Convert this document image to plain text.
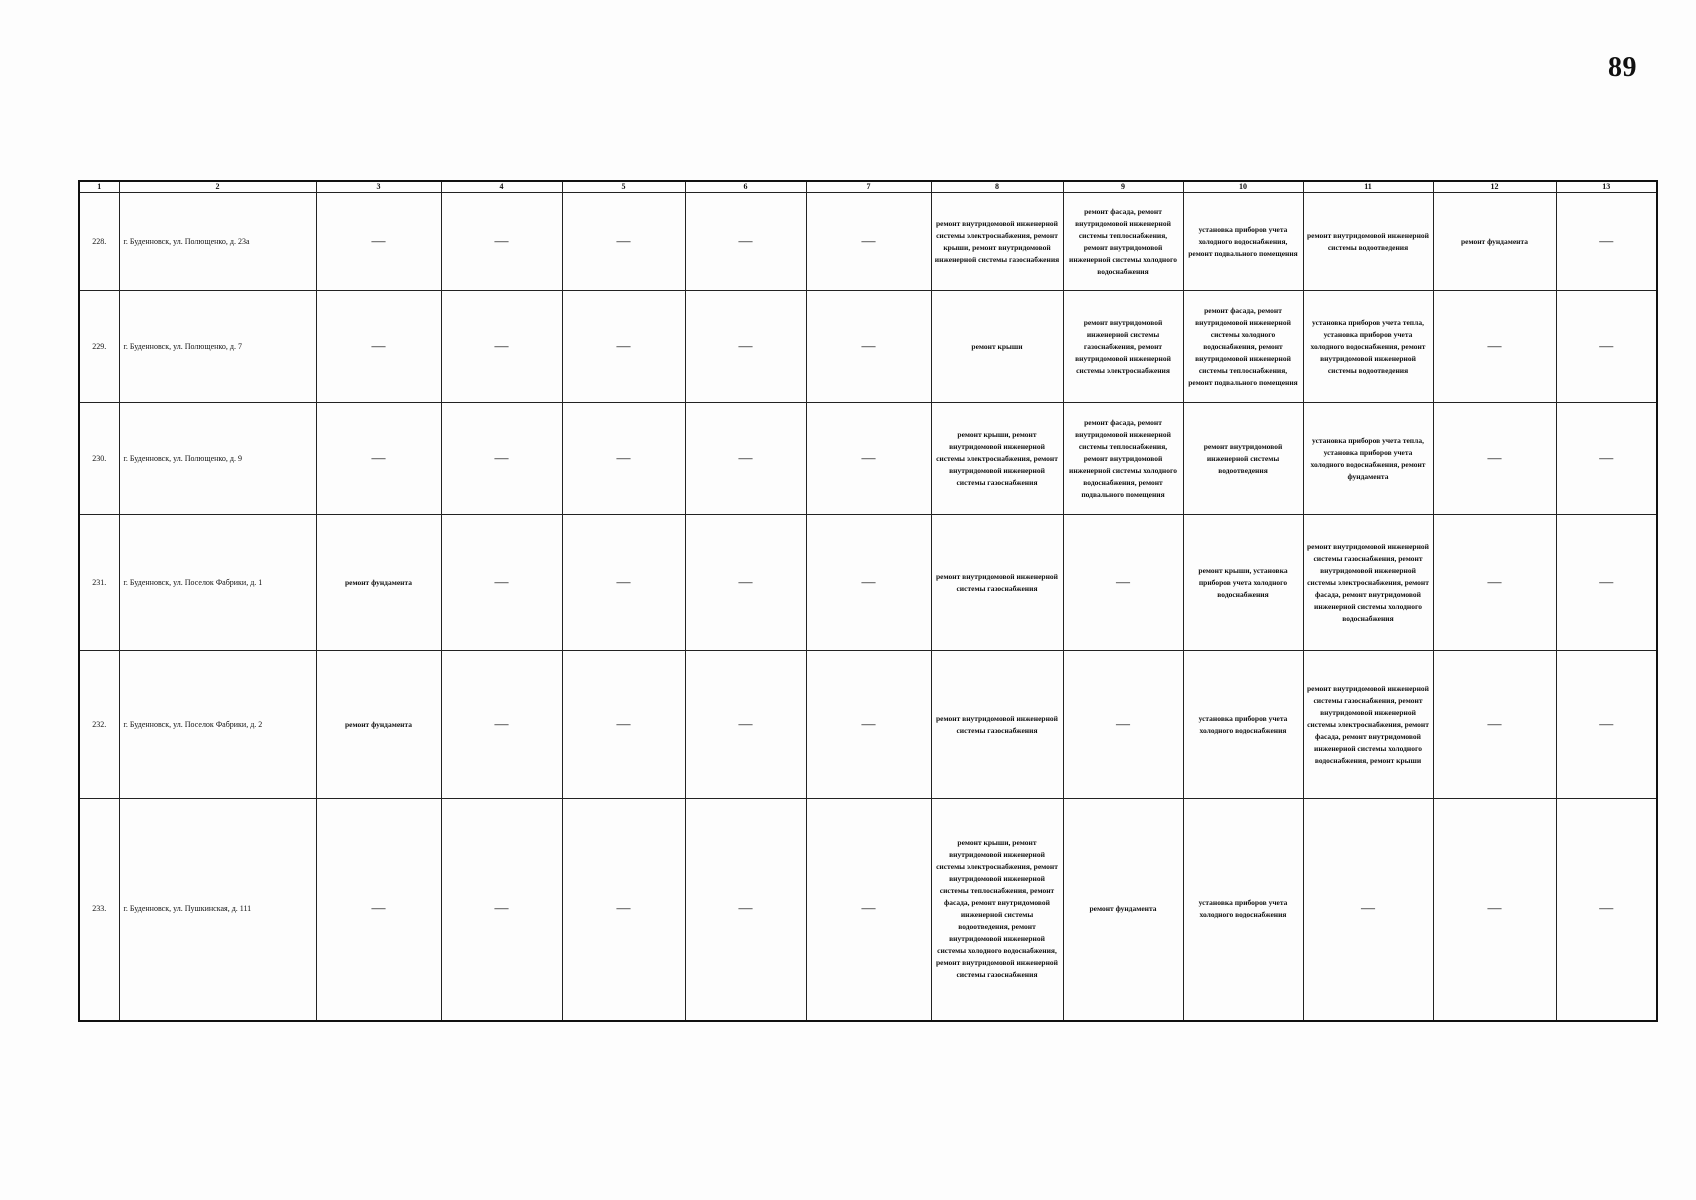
89
1	2	3	4	5	6	7	8	9	10	11	12	13
228.	г. Буденновск, ул. Полющенко, д. 23а	—	—	—	—	—	ремонт внутридомовой инженерной системы электроснабжения, ремонт крыши, ремонт внутридомовой инженерной системы газоснабжения	ремонт фасада, ремонт внутридомовой инженерной системы теплоснабжения, ремонт внутридомовой инженерной системы холодного водоснабжения	установка приборов учета холодного водоснабжения, ремонт подвального помещения	ремонт внутридомовой инженерной системы водоотведения	ремонт фундамента	—
229.	г. Буденновск, ул. Полющенко, д. 7	—	—	—	—	—	ремонт крыши	ремонт внутридомовой инженерной системы газоснабжения, ремонт внутридомовой инженерной системы электроснабжения	ремонт фасада, ремонт внутридомовой инженерной системы холодного водоснабжения, ремонт внутридомовой инженерной системы теплоснабжения, ремонт подвального помещения	установка приборов учета тепла, установка приборов учета холодного водоснабжения, ремонт внутридомовой инженерной системы водоотведения	—	—
230.	г. Буденновск, ул. Полющенко, д. 9	—	—	—	—	—	ремонт крыши, ремонт внутридомовой инженерной системы электроснабжения, ремонт внутридомовой инженерной системы газоснабжения	ремонт фасада, ремонт внутридомовой инженерной системы теплоснабжения, ремонт внутридомовой инженерной системы холодного водоснабжения, ремонт подвального помещения	ремонт внутридомовой инженерной системы водоотведения	установка приборов учета тепла, установка приборов учета холодного водоснабжения, ремонт фундамента	—	—
231.	г. Буденновск, ул. Поселок Фабрики, д. 1	ремонт фундамента	—	—	—	—	ремонт внутридомовой инженерной системы газоснабжения	—	ремонт крыши, установка приборов учета холодного водоснабжения	ремонт внутридомовой инженерной системы газоснабжения, ремонт внутридомовой инженерной системы электроснабжения, ремонт фасада, ремонт внутридомовой инженерной системы холодного водоснабжения	—	—
232.	г. Буденновск, ул. Поселок Фабрики, д. 2	ремонт фундамента	—	—	—	—	ремонт внутридомовой инженерной системы газоснабжения	—	установка приборов учета холодного водоснабжения	ремонт внутридомовой инженерной системы газоснабжения, ремонт внутридомовой инженерной системы электроснабжения, ремонт фасада, ремонт внутридомовой инженерной системы холодного водоснабжения, ремонт крыши	—	—
233.	г. Буденновск, ул. Пушкинская, д. 111	—	—	—	—	—	ремонт крыши, ремонт внутридомовой инженерной системы электроснабжения, ремонт внутридомовой инженерной системы теплоснабжения, ремонт фасада, ремонт внутридомовой инженерной системы водоотведения, ремонт внутридомовой инженерной системы холодного водоснабжения, ремонт внутридомовой инженерной системы газоснабжения	ремонт фундамента	установка приборов учета холодного водоснабжения	—	—	—
